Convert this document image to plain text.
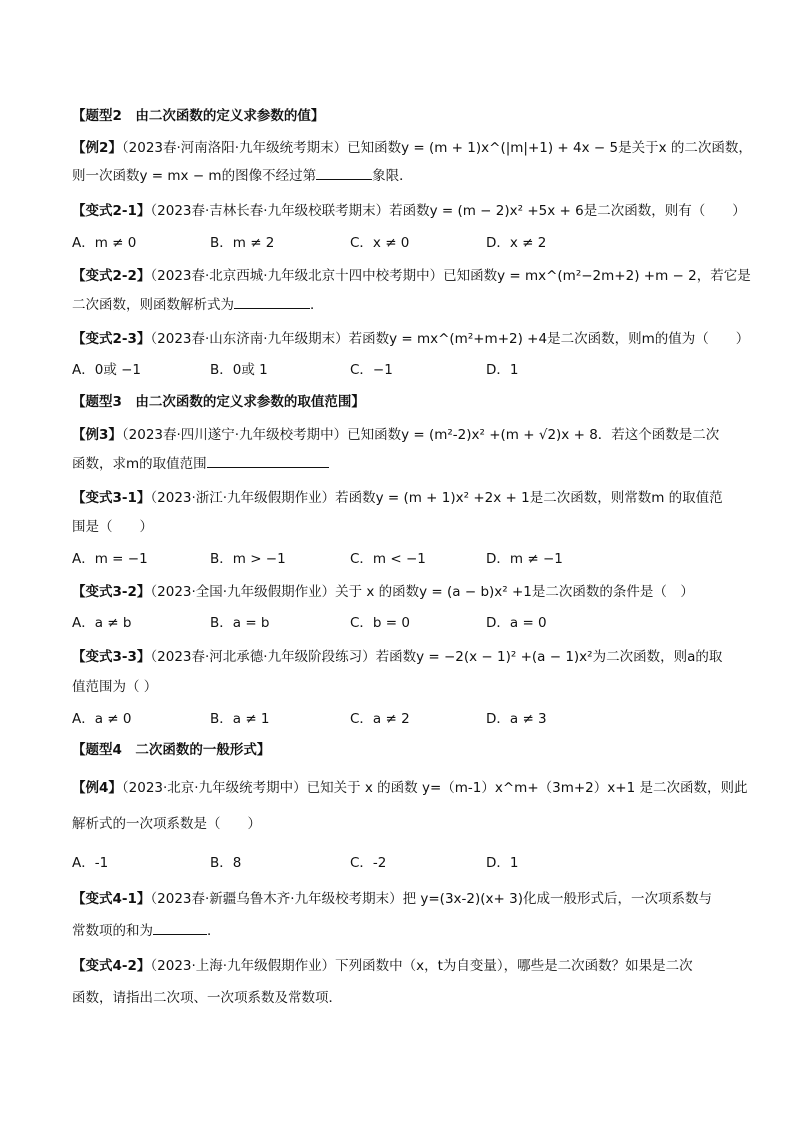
【题型2　由二次函数的定义求参数的值】
【例2】（2023春·河南洛阳·九年级统考期末）已知函数y = (m + 1)x^(|m|+1) + 4x − 5是关于x 的二次函数，
则一次函数y = mx − m的图像不经过第	象限．
【变式2-1】（2023春·吉林长春·九年级校联考期末）若函数y = (m − 2)x² +5x + 6是二次函数，则有（　　）
A．m ≠ 0	B．m ≠ 2	C．x ≠ 0	D．x ≠ 2
【变式2-2】（2023春·北京西城·九年级北京十四中校考期中）已知函数y = mx^(m²−2m+2) +m − 2，若它是
二次函数，则函数解析式为	．
【变式2-3】（2023春·山东济南·九年级期末）若函数y = mx^(m²+m+2) +4是二次函数，则m的值为（　　）
A．0或 −1	B．0或 1	C．−1	D．1
【题型3　由二次函数的定义求参数的取值范围】
【例3】（2023春·四川遂宁·九年级校考期中）已知函数y = (m²-2)x² +(m + √2)x + 8．若这个函数是二次
函数，求m的取值范围
【变式3-1】（2023·浙江·九年级假期作业）若函数y = (m + 1)x² +2x + 1是二次函数，则常数m 的取值范
围是（　　）
A．m = −1	B．m > −1	C．m < −1	D．m ≠ −1
【变式3-2】（2023·全国·九年级假期作业）关于 x 的函数y = (a − b)x² +1是二次函数的条件是（　）
A．a ≠ b	B．a = b	C．b = 0	D．a = 0
【变式3-3】（2023春·河北承德·九年级阶段练习）若函数y = −2(x − 1)² +(a − 1)x²为二次函数，则a的取
值范围为（ ）
A．a ≠ 0	B．a ≠ 1	C．a ≠ 2	D．a ≠ 3
【题型4　二次函数的一般形式】
【例4】（2023·北京·九年级统考期中）已知关于 x 的函数 y=（m-1）x^m+（3m+2）x+1 是二次函数，则此
解析式的一次项系数是（　　）
A．-1	B．8	C．-2	D．1
【变式4-1】（2023春·新疆乌鲁木齐·九年级校考期末）把 y=(3x-2)(x+ 3)化成一般形式后，一次项系数与
常数项的和为	．
【变式4-2】（2023·上海·九年级假期作业）下列函数中（x，t为自变量），哪些是二次函数？如果是二次
函数，请指出二次项、一次项系数及常数项．
